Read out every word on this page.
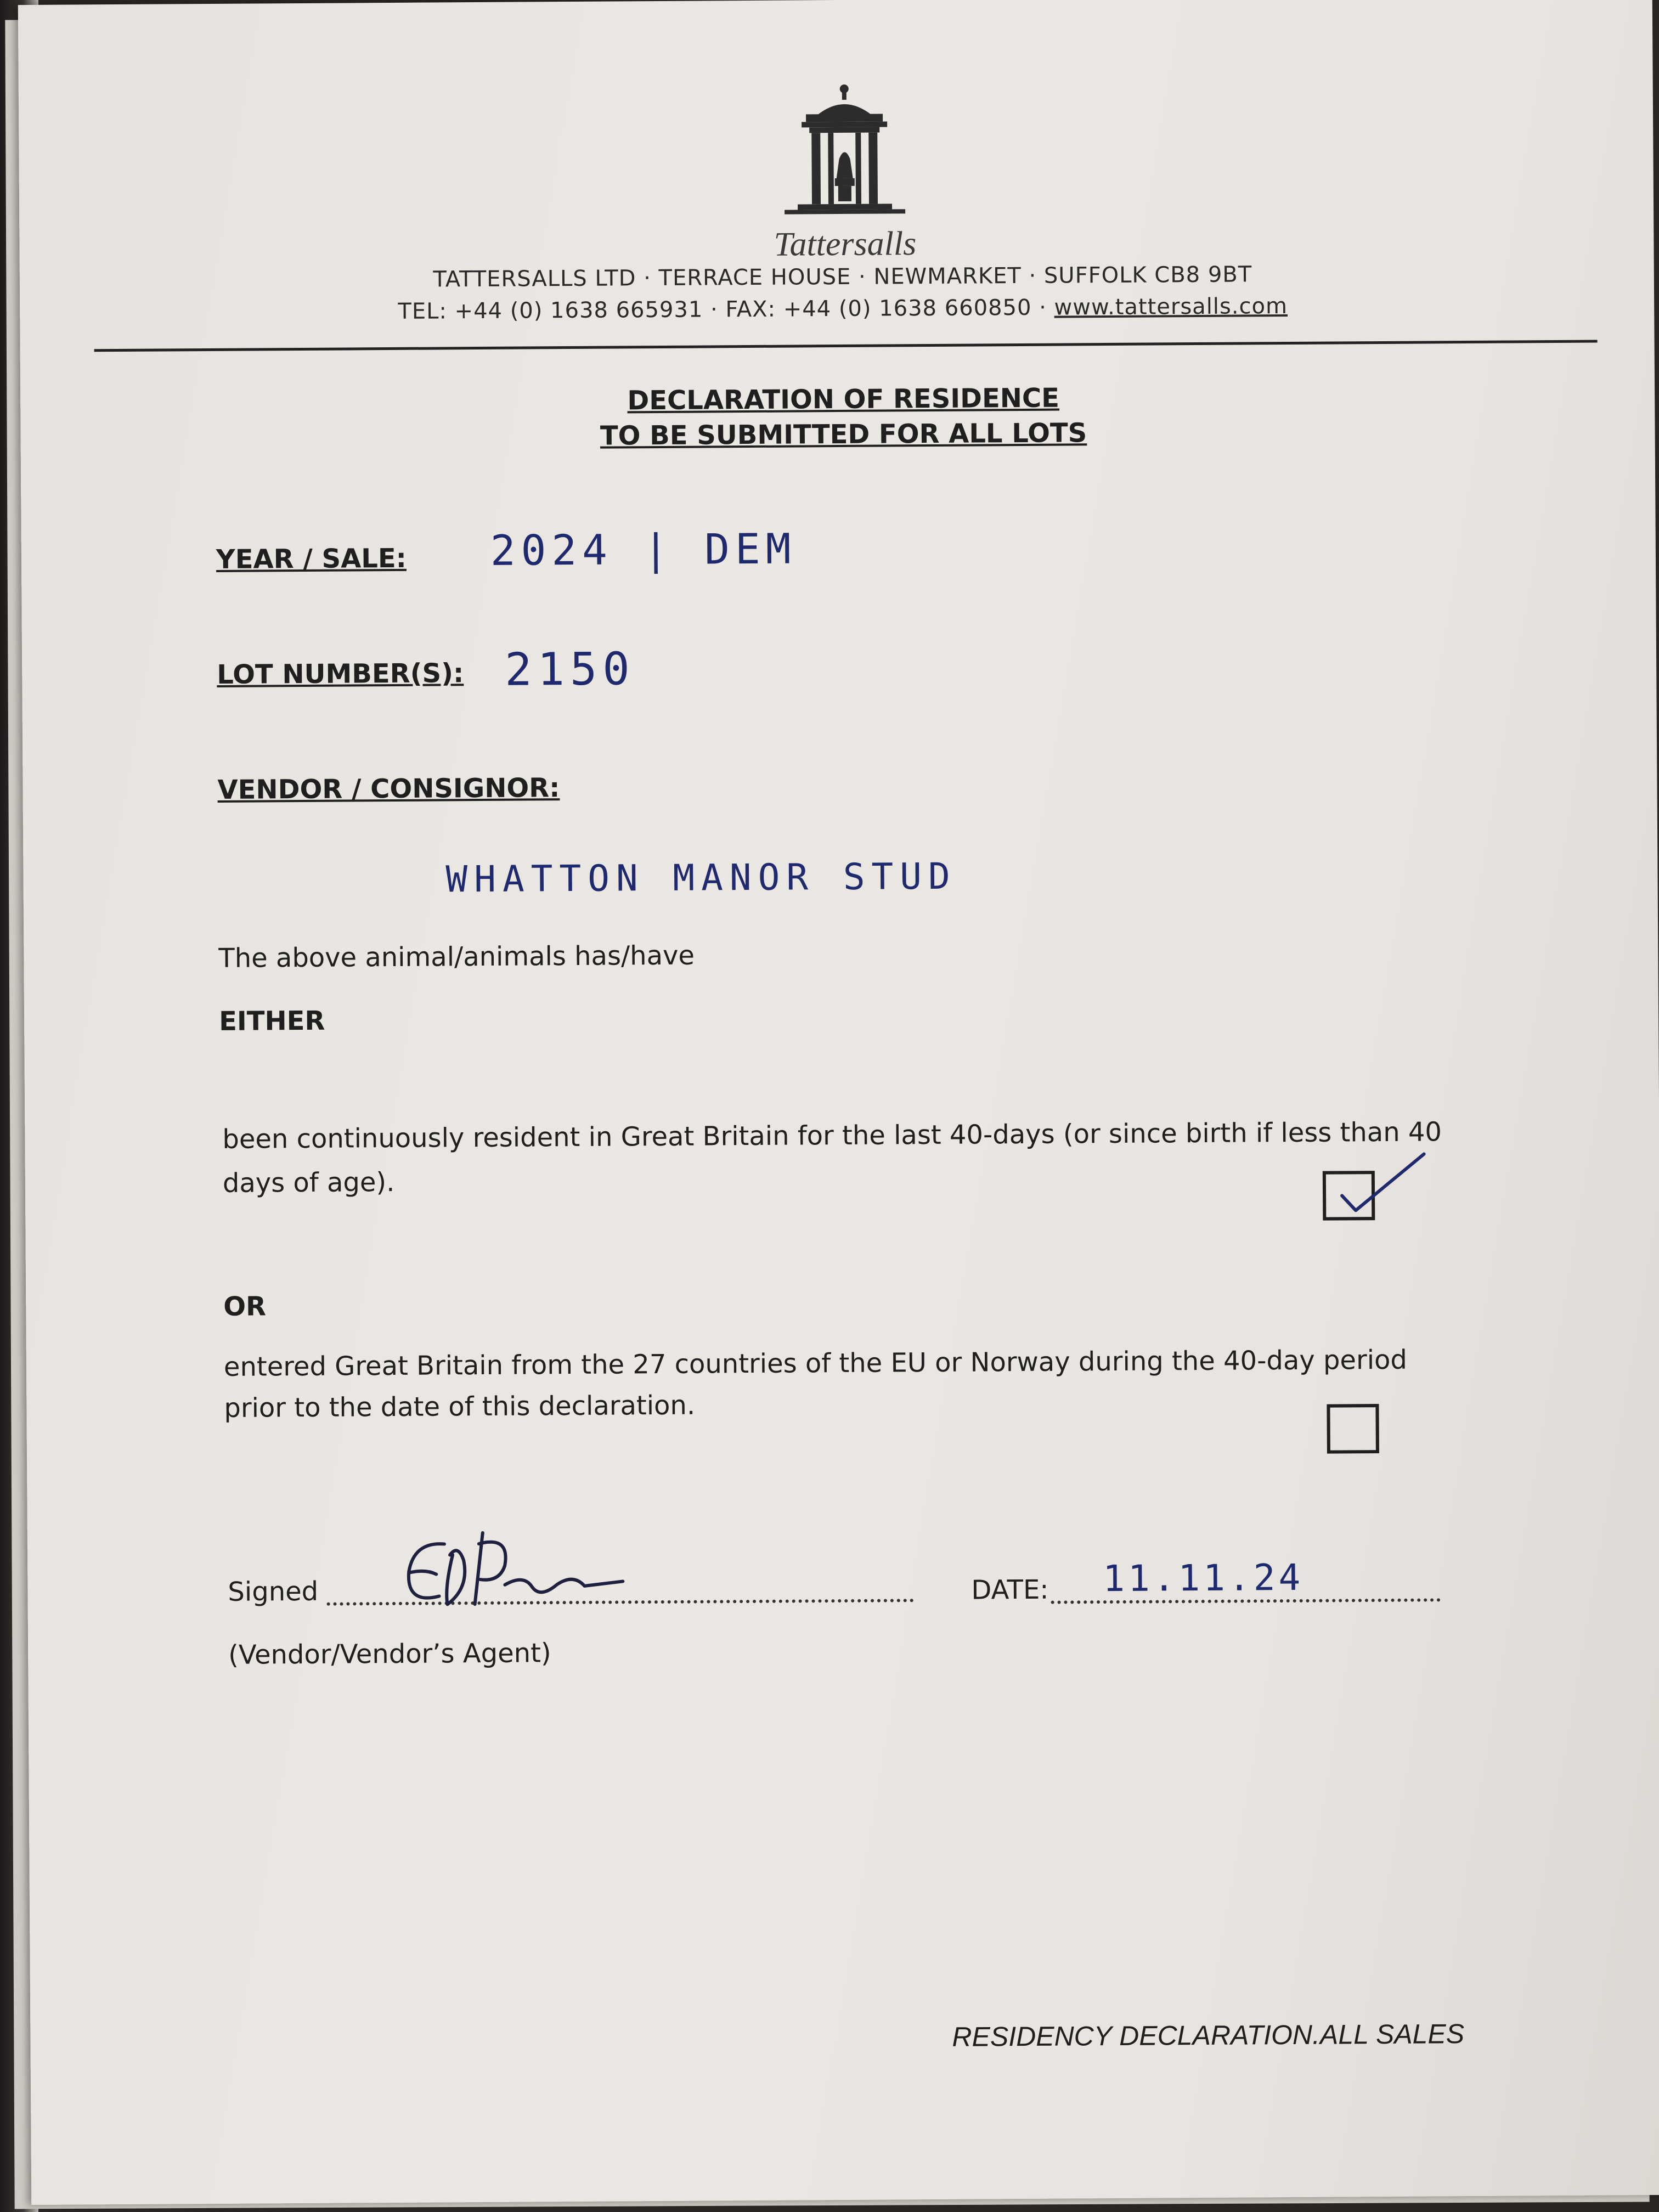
Tattersalls
TATTERSALLS LTD · TERRACE HOUSE · NEWMARKET · SUFFOLK CB8 9BT
TEL: +44 (0) 1638 665931 · FAX: +44 (0) 1638 660850 · www.tattersalls.com
DECLARATION OF RESIDENCE
TO BE SUBMITTED FOR ALL LOTS
YEAR / SALE: 2024 | DEM
LOT NUMBER(S): 2150
VENDOR / CONSIGNOR:
WHATTON MANOR STUD
The above animal/animals has/have
EITHER
been continuously resident in Great Britain for the last 40-days (or since birth if less than 40
days of age).
OR
entered Great Britain from the 27 countries of the EU or Norway during the 40-day period
prior to the date of this declaration.
Signed	DATE: 11.11.24
(Vendor/Vendor’s Agent)
RESIDENCY DECLARATION.ALL SALES
